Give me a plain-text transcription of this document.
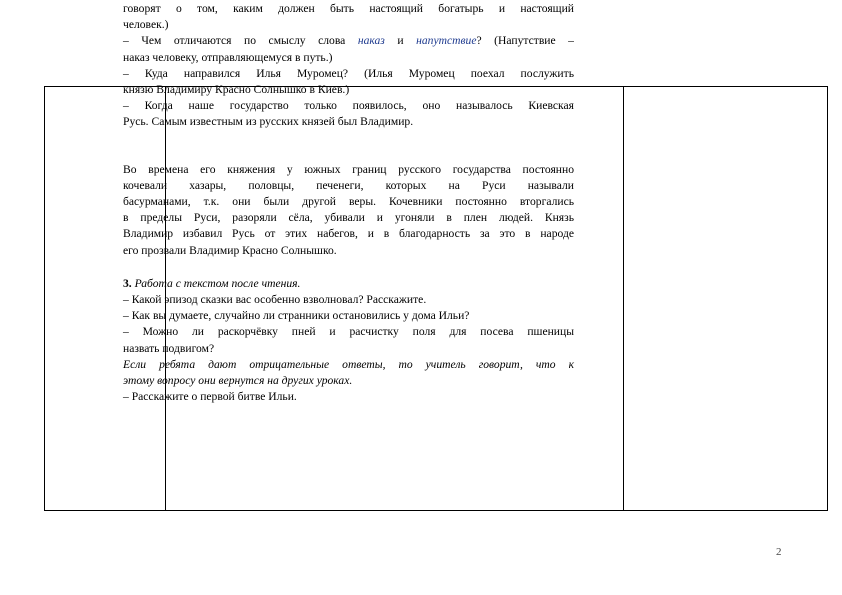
говорят о том, каким должен быть настоящий богатырь и настоящий

человек.)

– Чем отличаются по смыслу слова наказ и напутствие? (Напутствие –

наказ человеку, отправляющемуся в путь.)

– Куда направился Илья Муромец? (Илья Муромец поехал послужить

князю Владимиру Красно Солнышко в Киев.)

– Когда наше государство только появилось, оно называлось Киевская

Русь. Самым известным из русских князей был Владимир.

Во времена его княжения у южных границ русского государства постоянно

кочевали хазары, половцы, печенеги, которых на Руси называли

басурманами, т.к. они были другой веры. Кочевники постоянно вторгались

в пределы Руси, разоряли сёла, убивали и угоняли в плен людей. Князь

Владимир избавил Русь от этих набегов, и в благодарность за это в народе

его прозвали Владимир Красно Солнышко.

3. Работа с текстом после чтения.

– Какой эпизод сказки вас особенно взволновал? Расскажите.

– Как вы думаете, случайно ли странники остановились у дома Ильи?

– Можно ли раскорчёвку пней и расчистку поля для посева пшеницы

назвать подвигом?

Если ребята дают отрицательные ответы, то учитель говорит, что к

этому вопросу они вернутся на других уроках.

– Расскажите о первой битве Ильи.

2
